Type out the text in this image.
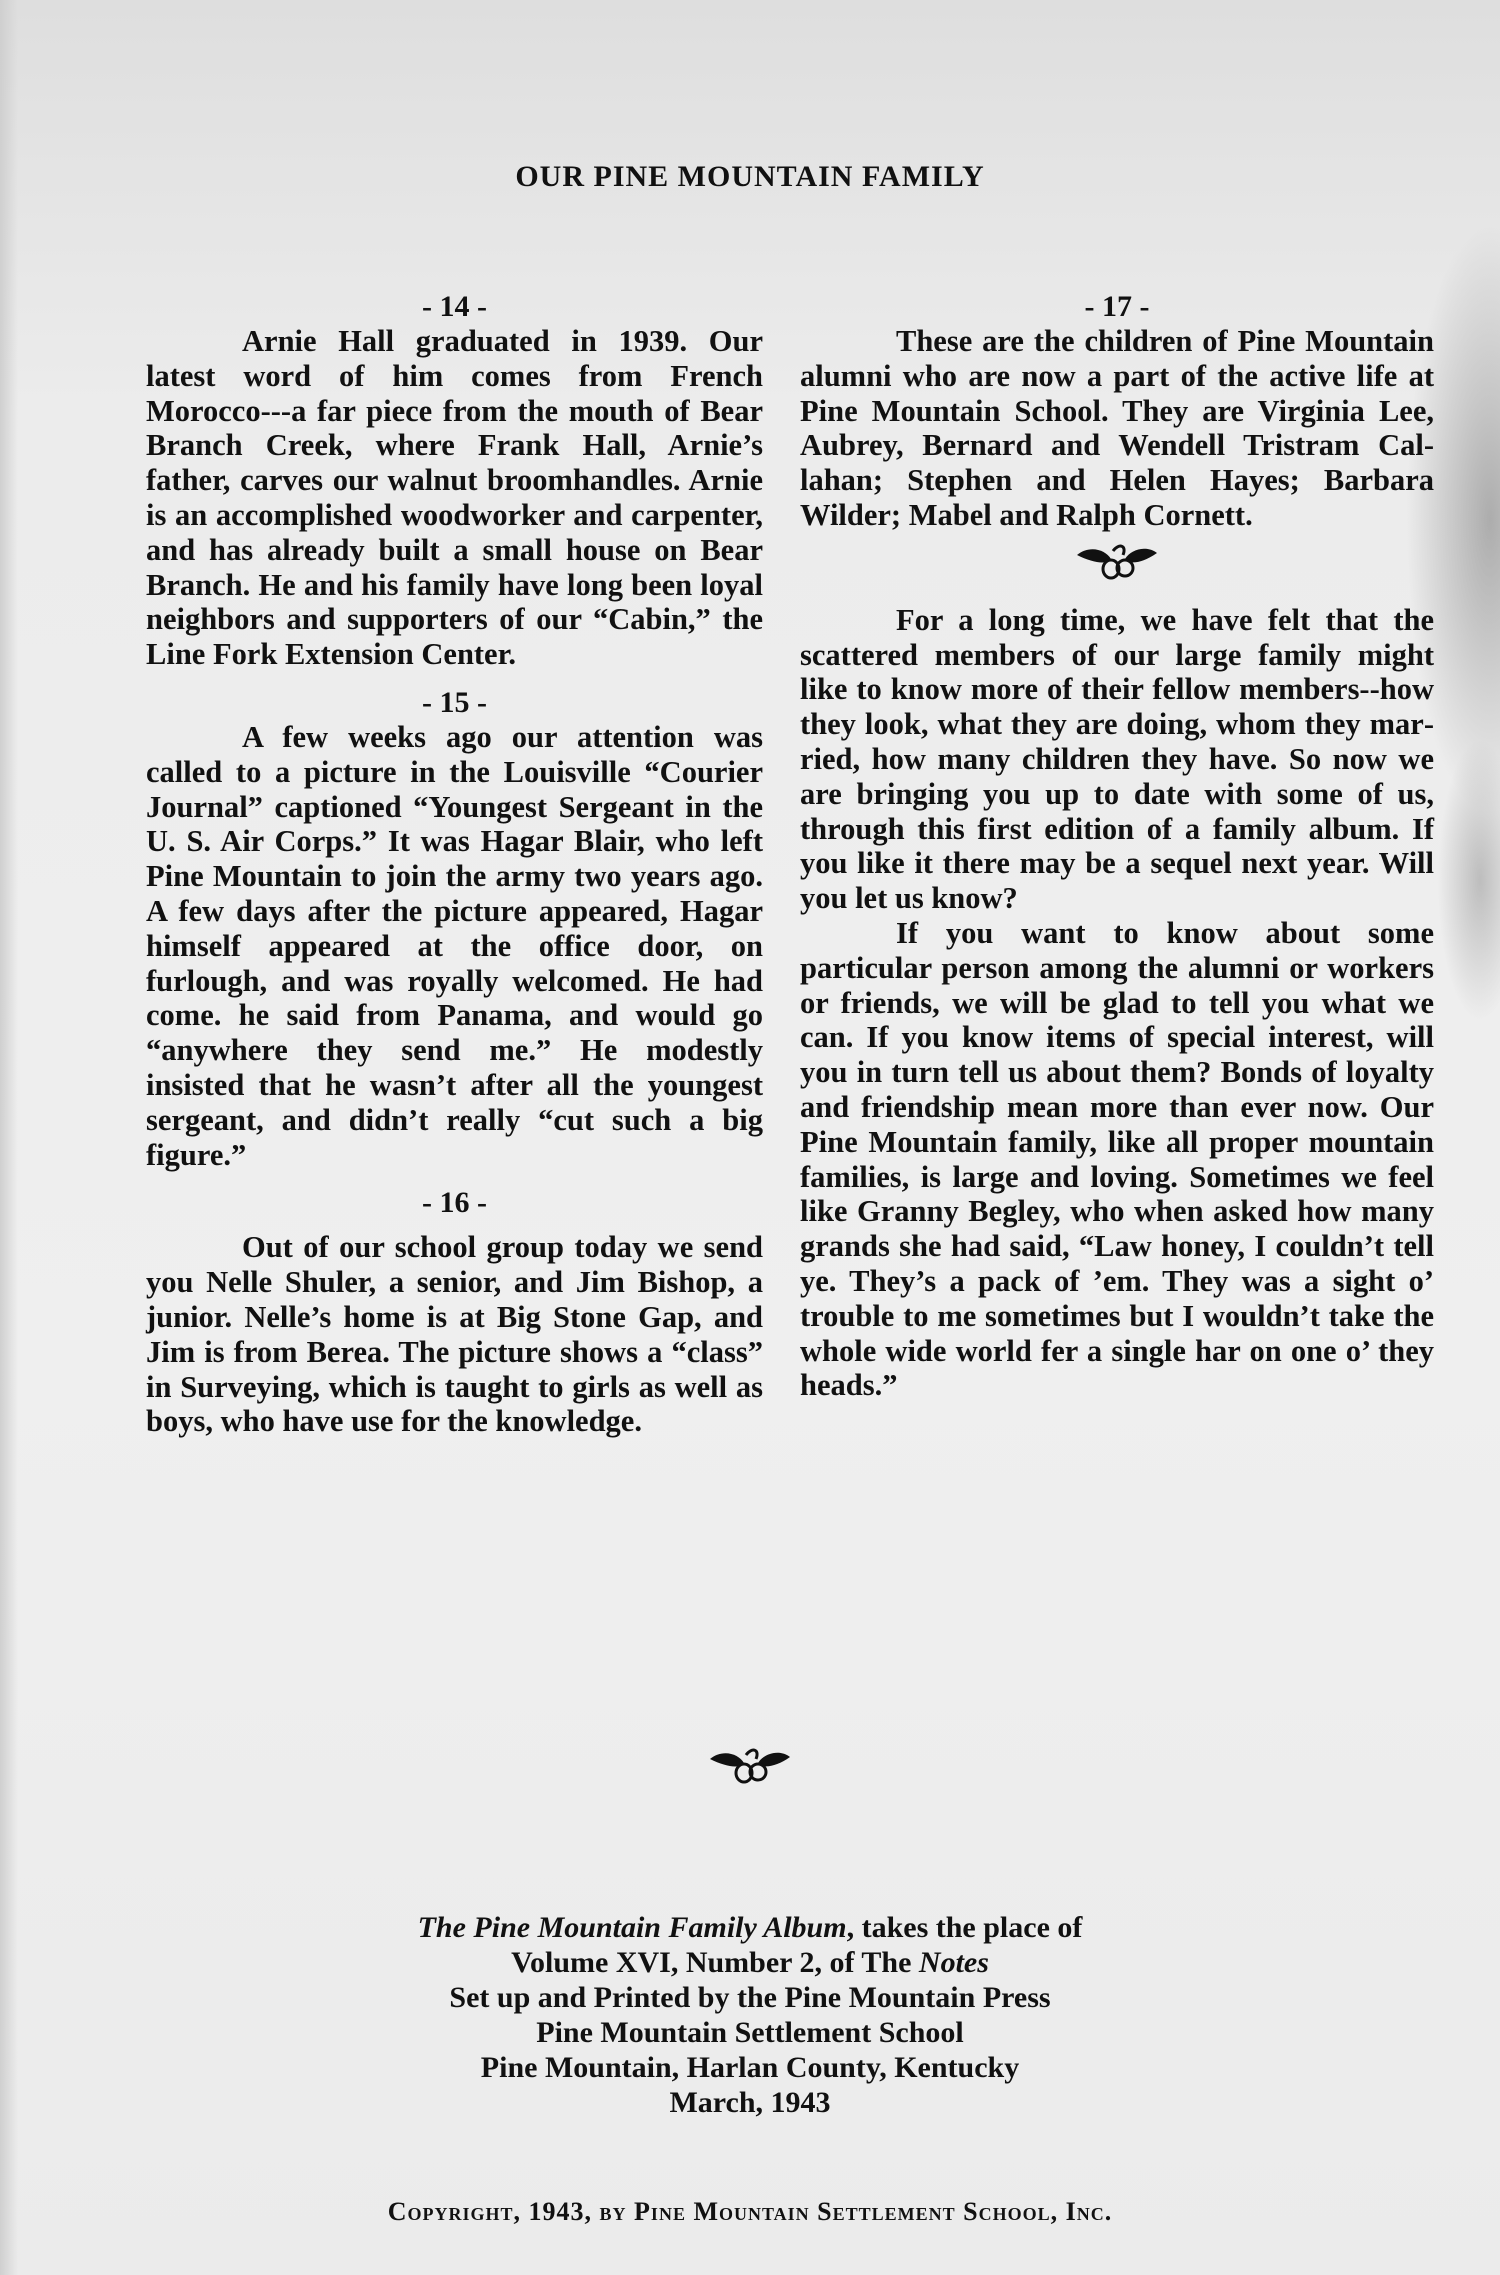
OUR PINE MOUNTAIN FAMILY

- 14 -

Arnie Hall graduated in 1939. Our latest word of him comes from French Morocco---a far piece from the mouth of Bear Branch Creek, where Frank Hall, Arnie’s father, carves our walnut broomhandles. Arnie is an accomplished woodworker and carpenter, and has already built a small house on Bear Branch. He and his family have long been loyal neighbors and supporters of our “Cabin,” the Line Fork Extension Center.

- 15 -

A few weeks ago our attention was called to a picture in the Louisville “Courier Journal” captioned “Youngest Sergeant in the U. S. Air Corps.” It was Hagar Blair, who left Pine Mountain to join the army two years ago. A few days after the picture appeared, Hagar himself appeared at the office door, on furlough, and was royally welcomed. He had come. he said from Panama, and would go “anywhere they send me.” He modestly insisted that he wasn’t after all the youngest sergeant, and didn’t really “cut such a big figure.”

- 16 -

Out of our school group today we send you Nelle Shuler, a senior, and Jim Bishop, a junior. Nelle’s home is at Big Stone Gap, and Jim is from Berea. The picture shows a “class” in Surveying, which is taught to girls as well as boys, who have use for the knowledge.

- 17 -

These are the children of Pine Mountain alumni who are now a part of the active life at Pine Mountain School. They are Virginia Lee, Aubrey, Bernard and Wendell Tristram Callahan; Stephen and Helen Hayes; Barbara Wilder; Mabel and Ralph Cornett.

For a long time, we have felt that the scattered members of our large family might like to know more of their fellow members--how they look, what they are doing, whom they married, how many children they have. So now we are bringing you up to date with some of us, through this first edition of a family album. If you like it there may be a sequel next year. Will you let us know?

If you want to know about some particular person among the alumni or workers or friends, we will be glad to tell you what we can. If you know items of special interest, will you in turn tell us about them? Bonds of loyalty and friendship mean more than ever now. Our Pine Mountain family, like all proper mountain families, is large and loving. Sometimes we feel like Granny Begley, who when asked how many grands she had said, “Law honey, I couldn’t tell ye. They’s a pack of ’em. They was a sight o’ trouble to me sometimes but I wouldn’t take the whole wide world fer a single har on one o’ they heads.”

The Pine Mountain Family Album, takes the place of
Volume XVI, Number 2, of The Notes
Set up and Printed by the Pine Mountain Press
Pine Mountain Settlement School
Pine Mountain, Harlan County, Kentucky
March, 1943
Copyright, 1943, by Pine Mountain Settlement School, Inc.
